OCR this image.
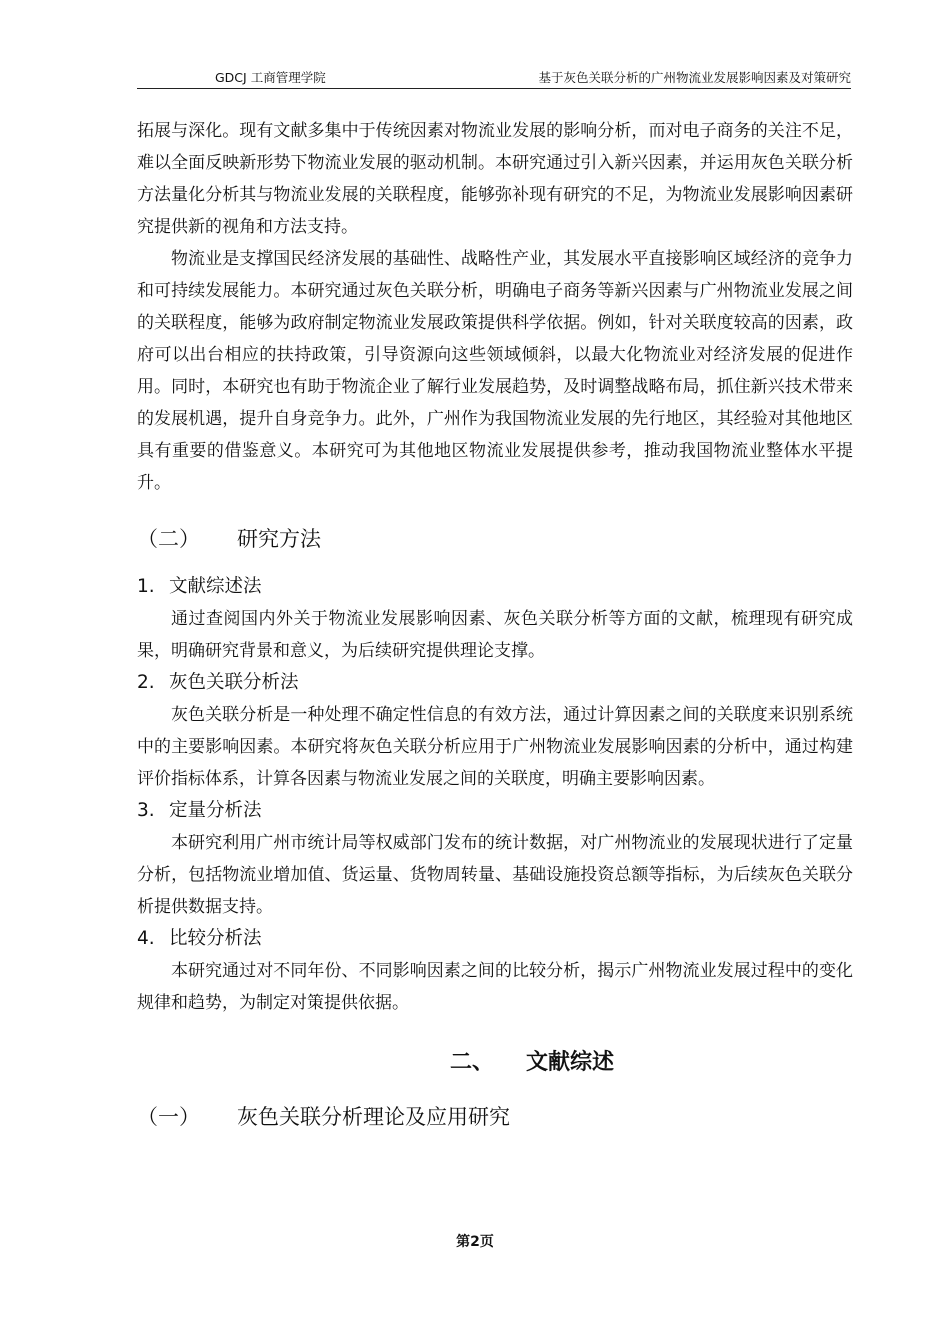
GDCJ 工商管理学院	基于灰色关联分析的广州物流业发展影响因素及对策研究

拓展与深化。现有文献多集中于传统因素对物流业发展的影响分析，而对电子商务的关注不足，难以全面反映新形势下物流业发展的驱动机制。本研究通过引入新兴因素，并运用灰色关联分析方法量化分析其与物流业发展的关联程度，能够弥补现有研究的不足，为物流业发展影响因素研究提供新的视角和方法支持。

物流业是支撑国民经济发展的基础性、战略性产业，其发展水平直接影响区域经济的竞争力和可持续发展能力。本研究通过灰色关联分析，明确电子商务等新兴因素与广州物流业发展之间的关联程度，能够为政府制定物流业发展政策提供科学依据。例如，针对关联度较高的因素，政府可以出台相应的扶持政策，引导资源向这些领域倾斜，以最大化物流业对经济发展的促进作用。同时，本研究也有助于物流企业了解行业发展趋势，及时调整战略布局，抓住新兴技术带来的发展机遇，提升自身竞争力。此外，广州作为我国物流业发展的先行地区，其经验对其他地区具有重要的借鉴意义。本研究可为其他地区物流业发展提供参考，推动我国物流业整体水平提升。

（二） 研究方法
1. 文献综述法

通过查阅国内外关于物流业发展影响因素、灰色关联分析等方面的文献，梳理现有研究成果，明确研究背景和意义，为后续研究提供理论支撑。

2. 灰色关联分析法

灰色关联分析是一种处理不确定性信息的有效方法，通过计算因素之间的关联度来识别系统中的主要影响因素。本研究将灰色关联分析应用于广州物流业发展影响因素的分析中，通过构建评价指标体系，计算各因素与物流业发展之间的关联度，明确主要影响因素。

3. 定量分析法

本研究利用广州市统计局等权威部门发布的统计数据，对广州物流业的发展现状进行了定量分析，包括物流业增加值、货运量、货物周转量、基础设施投资总额等指标，为后续灰色关联分析提供数据支持。

4. 比较分析法

本研究通过对不同年份、不同影响因素之间的比较分析，揭示广州物流业发展过程中的变化规律和趋势，为制定对策提供依据。

二、 文献综述
（一） 灰色关联分析理论及应用研究
第2页
